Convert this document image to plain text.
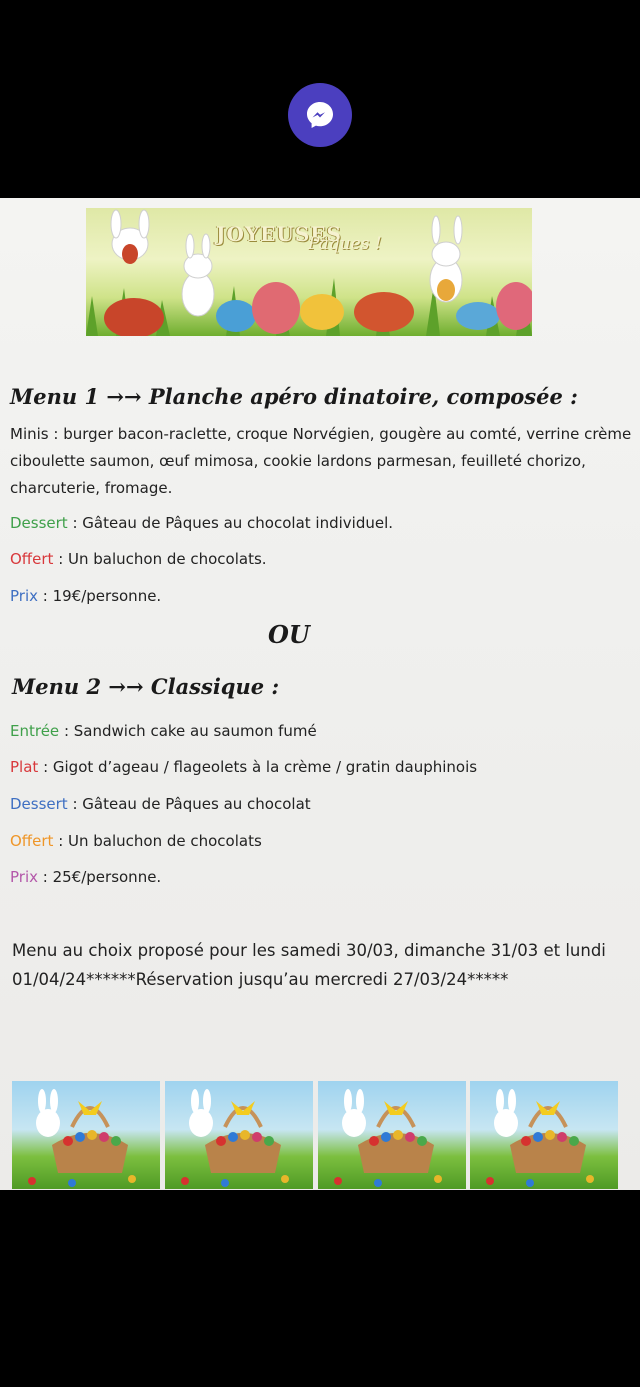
JOYEUSES
Pâques !
Menu 1 →→ Planche apéro dinatoire, composée :
Minis : burger bacon-raclette, croque Norvégien, gougère au comté, verrine crème
ciboulette saumon, œuf mimosa, cookie lardons parmesan, feuilleté chorizo,
charcuterie, fromage.
Dessert : Gâteau de Pâques au chocolat individuel.
Offert : Un baluchon de chocolats.
Prix : 19€/personne.
OU
Menu 2 →→ Classique :
Entrée : Sandwich cake au saumon fumé
Plat : Gigot d’ageau / flageolets à la crème / gratin dauphinois
Dessert : Gâteau de Pâques au chocolat
Offert : Un baluchon de chocolats
Prix : 25€/personne.
Menu au choix proposé pour les samedi 30/03, dimanche 31/03 et lundi
01/04/24******Réservation jusqu’au mercredi 27/03/24*****
